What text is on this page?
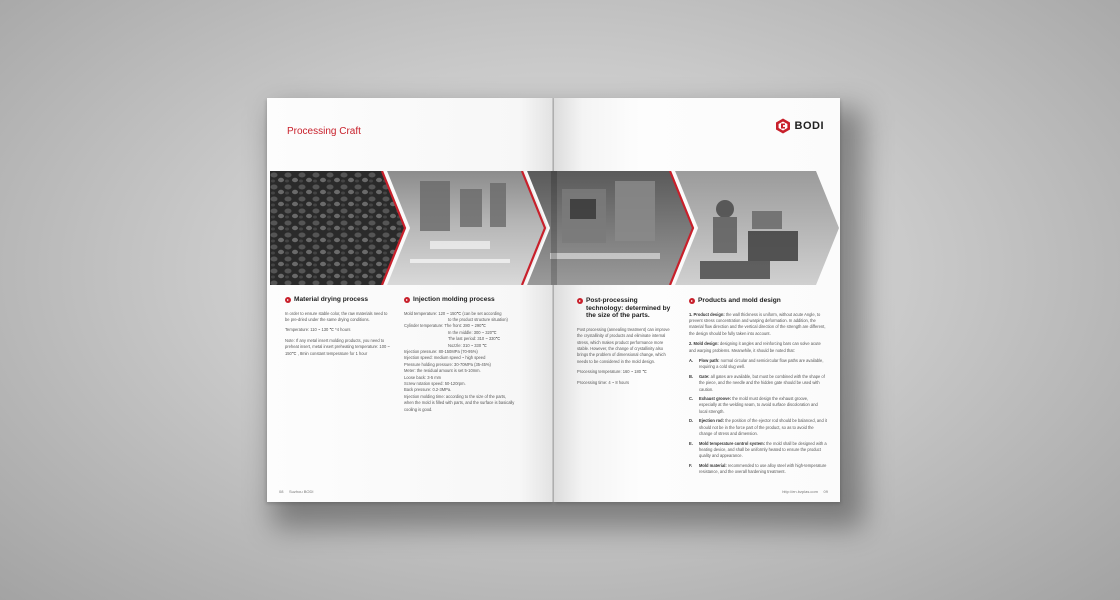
Processing Craft
Material drying process

In order to ensure stable color, the raw materials need to be pre-dried under the same drying conditions.

Temperature: 110 ~ 130 ℃ *4 hours

Note: If any metal insert molding products, you need to preheat insert, metal insert preheating temperature: 100 ~ 150℃ , 8min constant temperature for 1 hour

Injection molding process
Mold temperature: 120 ~ 150℃ (can be set according
to the product structure situation)
Cylinder temperature: The front: 280 ~ 290℃
In the middle: 300 ~ 320℃
The last period: 310 ~ 330℃
Nozzle: 310 ~ 330 ℃
Injection pressure: 80-150MPa (70-95%)
Injection speed: medium speed ~ high speed
Pressure holding pressure: 30-70MPa (35-45%)
Meter: the residual amount is set 5-10mm.
Loose back: 3-5 mm
Screw rotation speed: 50-120rpm.
Back pressure: 0.2-3MPa.
Injection molding time: according to the size of the parts, when the mold is filled with parts, and the surface is basically cooling is good.
08 Suzhou BODI
BODI
Post-processing technology: determined by the size of the parts.

Post processing (annealing treatment) can improve the crystallinity of products and eliminate internal stress, which makes product performance more stable. However, the change of crystallinity also brings the problem of dimensional change, which needs to be considered in the mold design.

Processing temperature: 160 ~ 180 ℃

Processing time: 4 ~ 8 hours

Products and mold design

1. Product design: the wall thickness is uniform, without acute Angle, to prevent stress concentration and warping deformation. In addition, the material flow direction and the vertical direction of the strength are different, the design should be fully taken into account.

2. Mold design: designing it angles and reinforcing bars can solve acute and warping problems. Meanwhile, it should be noted that:

A.	Flow path: normal circular and semicircular flow paths are available, requiring a cold slug well.
B.	Gate: all gates are available, but must be combined with the shape of the piece, and the needle and the hidden gate should be used with caution.
C.	Exhaust groove: the mold must design the exhaust groove, especially at the welding seam, to avoid surface discoloration and local strength.
D.	Ejection rod: the position of the ejector rod should be balanced, and it should not be in the force part of the product, so as to avoid the change of stress and dimension.
E.	Mold temperature control system: the mold shall be designed with a heating device, and shall be uniformly heated to ensure the product quality and appearance.
F.	Mold material: recommended to use alloy steel with high-temperature resistance, and the overall hardening treatment.
http://en.bzplas.com 09
